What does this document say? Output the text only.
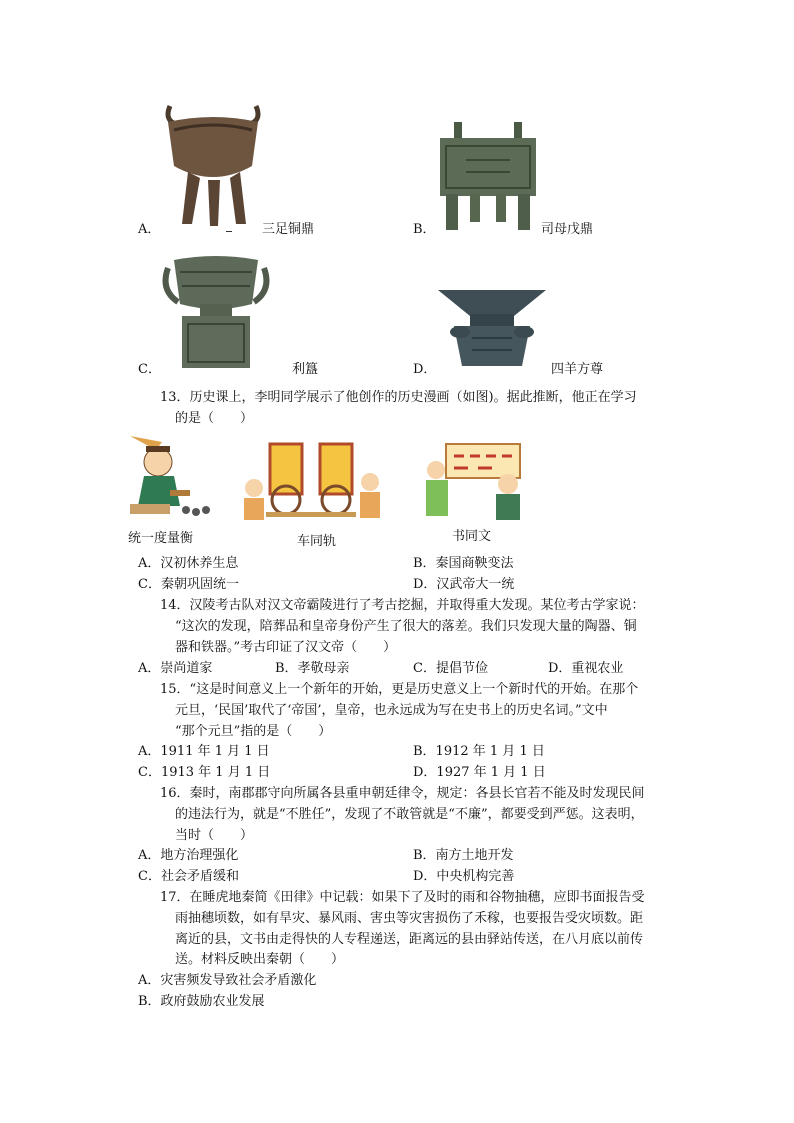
A．	三足铜鼎	B．	司母戊鼎
C．	利簋	D．	四羊方尊
13．历史课上，李明同学展示了他创作的历史漫画（如图)。据此推断，他正在学习
的是（　　）
统一度量衡	车同轨	书同文
A．汉初休养生息	B．秦国商鞅变法
C．秦朝巩固统一	D．汉武帝大一统
14．汉陵考古队对汉文帝霸陵进行了考古挖掘，并取得重大发现。某位考古学家说：
“这次的发现，陪葬品和皇帝身份产生了很大的落差。我们只发现大量的陶器、铜
器和铁器。”考古印证了汉文帝（　　）
A．崇尚道家	B．孝敬母亲	C．提倡节俭	D．重视农业
15．“这是时间意义上一个新年的开始，更是历史意义上一个新时代的开始。在那个
元旦，‘民国’取代了‘帝国’，皇帝，也永远成为写在史书上的历史名词。”文中
“那个元旦”指的是（　　）
A．1911 年 1 月 1 日	B．1912 年 1 月 1 日
C．1913 年 1 月 1 日	D．1927 年 1 月 1 日
16．秦时，南郡郡守向所属各县重申朝廷律令，规定：各县长官若不能及时发现民间
的违法行为，就是“不胜任”，发现了不敢管就是“不廉”，都要受到严惩。这表明，
当时（　　）
A．地方治理强化	B．南方土地开发
C．社会矛盾缓和	D．中央机构完善
17．在睡虎地秦简《田律》中记载：如果下了及时的雨和谷物抽穗，应即书面报告受
雨抽穗顷数，如有旱灾、暴风雨、害虫等灾害损伤了禾稼，也要报告受灾顷数。距
离近的县，文书由走得快的人专程递送，距离远的县由驿站传送，在八月底以前传
送。材料反映出秦朝（　　）
A．灾害频发导致社会矛盾激化
B．政府鼓励农业发展
